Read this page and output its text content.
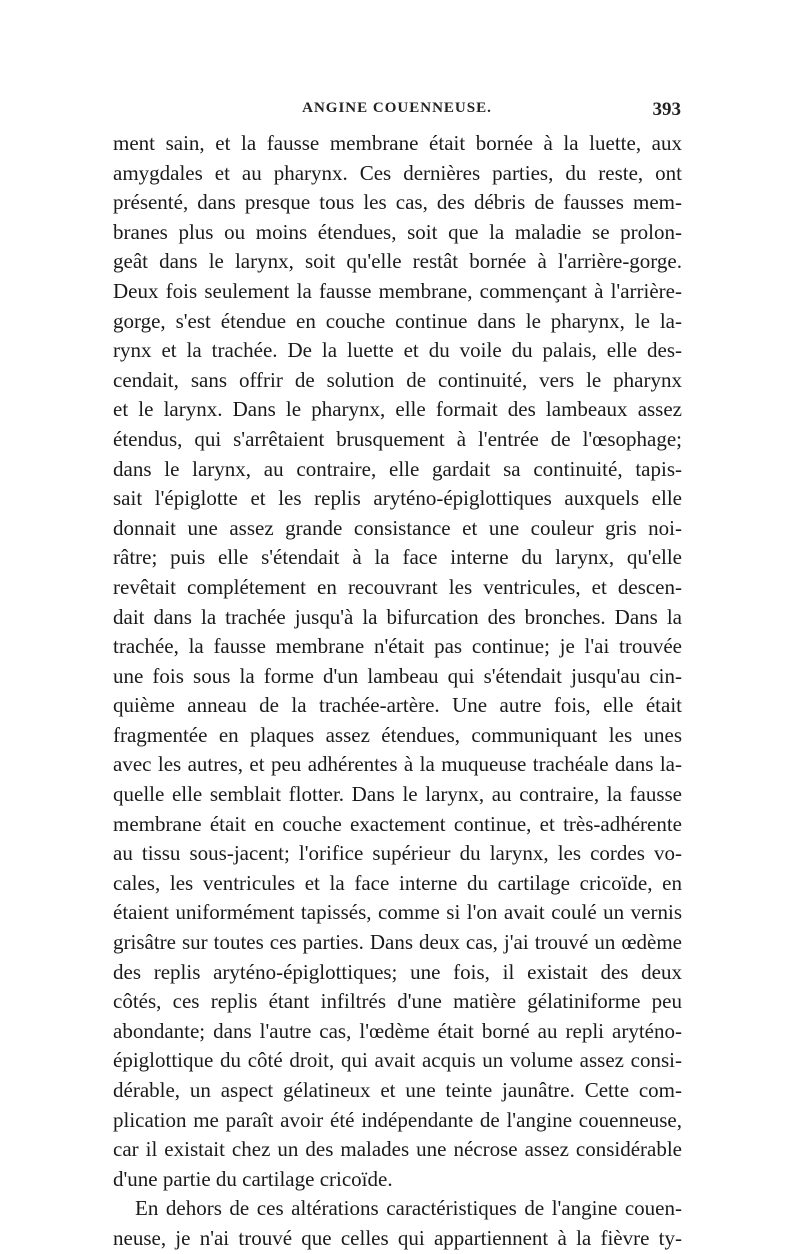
ANGINE COUENNEUSE.	393
ment sain, et la fausse membrane était bornée à la luette, aux
amygdales et au pharynx. Ces dernières parties, du reste, ont
présenté, dans presque tous les cas, des débris de fausses mem-
branes plus ou moins étendues, soit que la maladie se prolon-
geât dans le larynx, soit qu'elle restât bornée à l'arrière-gorge.
Deux fois seulement la fausse membrane, commençant à l'arrière-
gorge, s'est étendue en couche continue dans le pharynx, le la-
rynx et la trachée. De la luette et du voile du palais, elle des-
cendait, sans offrir de solution de continuité, vers le pharynx
et le larynx. Dans le pharynx, elle formait des lambeaux assez
étendus, qui s'arrêtaient brusquement à l'entrée de l'œsophage;
dans le larynx, au contraire, elle gardait sa continuité, tapis-
sait l'épiglotte et les replis aryténo-épiglottiques auxquels elle
donnait une assez grande consistance et une couleur gris noi-
râtre; puis elle s'étendait à la face interne du larynx, qu'elle
revêtait complétement en recouvrant les ventricules, et descen-
dait dans la trachée jusqu'à la bifurcation des bronches. Dans la
trachée, la fausse membrane n'était pas continue; je l'ai trouvée
une fois sous la forme d'un lambeau qui s'étendait jusqu'au cin-
quième anneau de la trachée-artère. Une autre fois, elle était
fragmentée en plaques assez étendues, communiquant les unes
avec les autres, et peu adhérentes à la muqueuse trachéale dans la-
quelle elle semblait flotter. Dans le larynx, au contraire, la fausse
membrane était en couche exactement continue, et très-adhérente
au tissu sous-jacent; l'orifice supérieur du larynx, les cordes vo-
cales, les ventricules et la face interne du cartilage cricoïde, en
étaient uniformément tapissés, comme si l'on avait coulé un vernis
grisâtre sur toutes ces parties. Dans deux cas, j'ai trouvé un œdème
des replis aryténo-épiglottiques; une fois, il existait des deux
côtés, ces replis étant infiltrés d'une matière gélatiniforme peu
abondante; dans l'autre cas, l'œdème était borné au repli aryténo-
épiglottique du côté droit, qui avait acquis un volume assez consi-
dérable, un aspect gélatineux et une teinte jaunâtre. Cette com-
plication me paraît avoir été indépendante de l'angine couenneuse,
car il existait chez un des malades une nécrose assez considérable
d'une partie du cartilage cricoïde.
En dehors de ces altérations caractéristiques de l'angine couen-
neuse, je n'ai trouvé que celles qui appartiennent à la fièvre ty-
